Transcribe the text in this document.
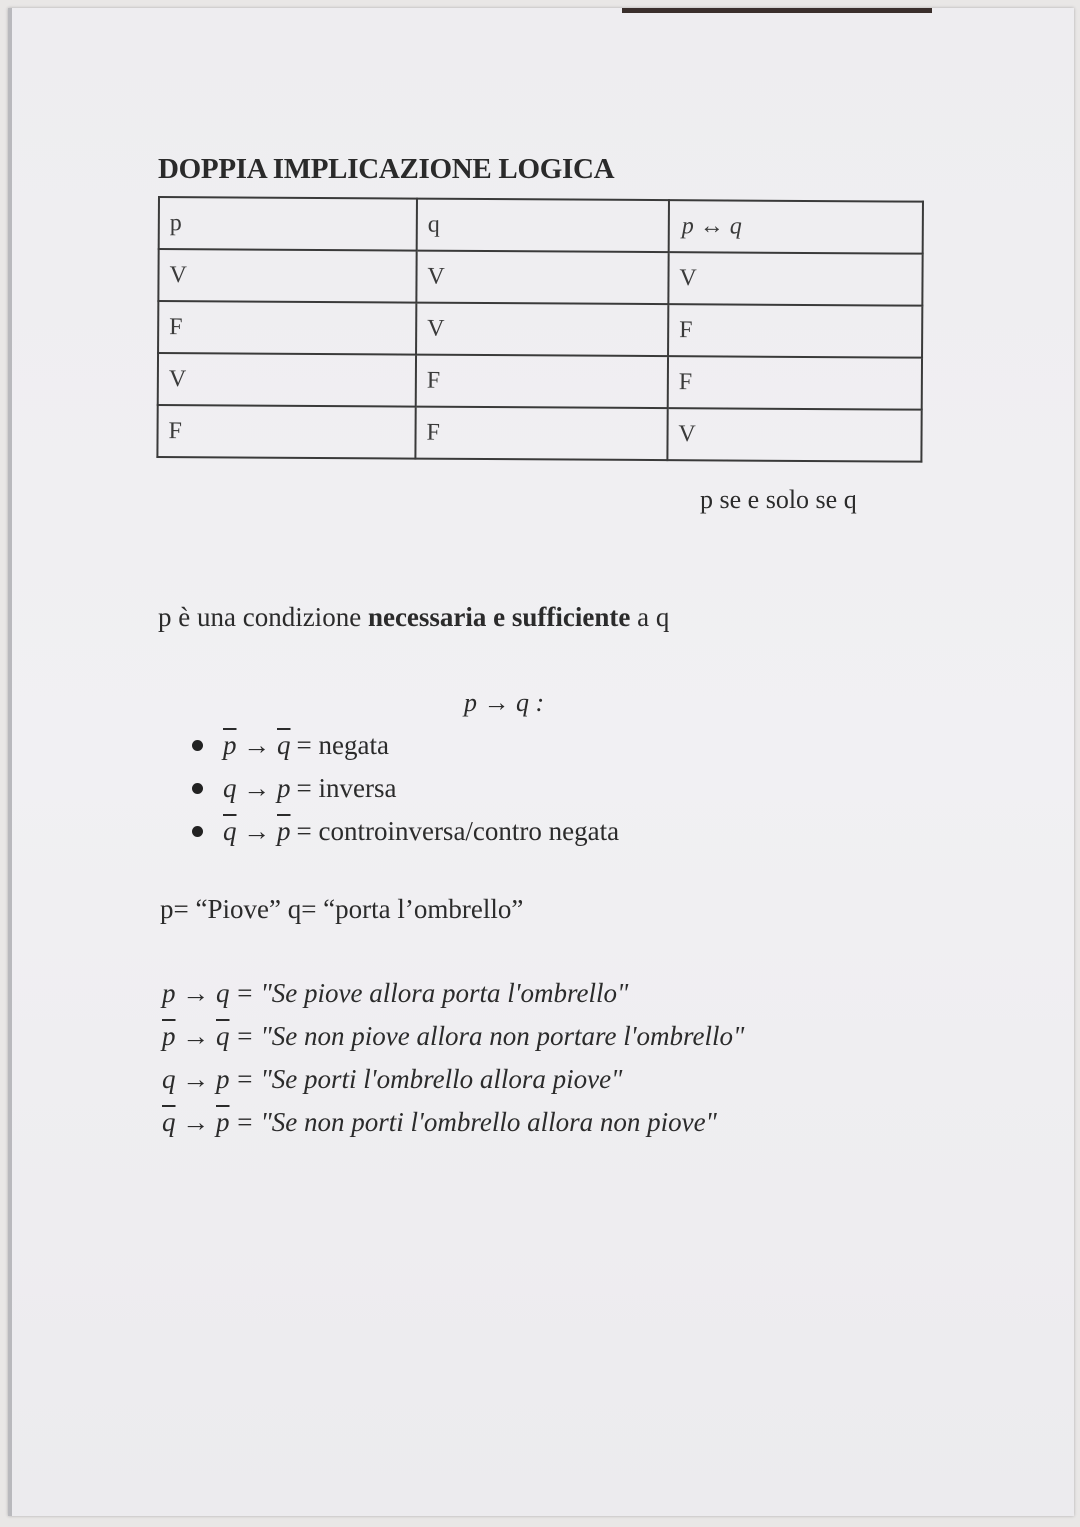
DOPPIA IMPLICAZIONE LOGICA
p	q	p ↔ q
V	V	V
F	V	F
V	F	F
F	F	V
p se e solo se q
p è una condizione necessaria e sufficiente a q
p → q :
$\overline{p} \to \overline{q}$ = negata
q → p = inversa
$\overline{q} \to \overline{p}$ = controinversa/contro negata
p= “Piove” q= “porta l’ombrello”
p → q = "Se piove allora porta l'ombrello"
$\overline{p} \to \overline{q}$ = "Se non piove allora non portare l'ombrello"
q → p = "Se porti l'ombrello allora piove"
$\overline{q} \to \overline{p}$ = "Se non porti l'ombrello allora non piove"
